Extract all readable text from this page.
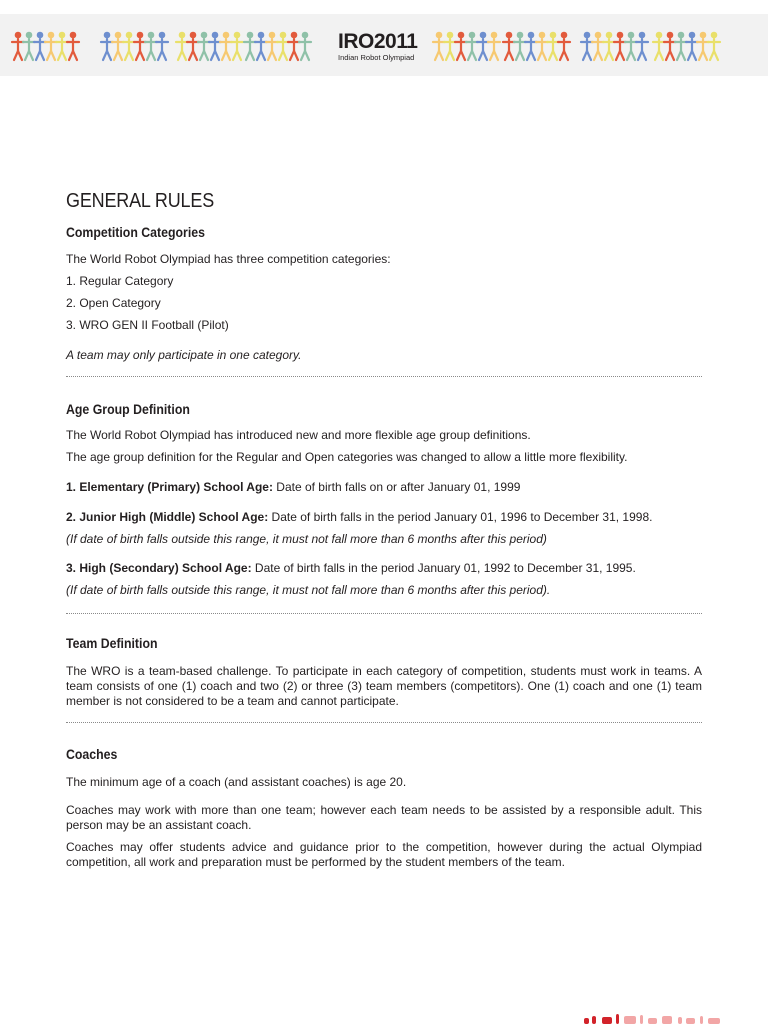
IRO2011
Indian Robot Olympiad
GENERAL RULES
Competition Categories

The World Robot Olympiad has three competition categories:

1. Regular Category

2. Open Category

3. WRO GEN II Football (Pilot)

A team may only participate in one category.

Age Group Definition

The World Robot Olympiad has introduced new and more flexible age group definitions.

The age group definition for the Regular and Open categories was changed to allow a little more flexibility.

1. Elementary (Primary) School Age: Date of birth falls on or after January 01, 1999

2. Junior High (Middle) School Age: Date of birth falls in the period January 01, 1996 to December 31, 1998.

(If date of birth falls outside this range, it must not fall more than 6 months after this period)

3. High (Secondary) School Age: Date of birth falls in the period January 01, 1992 to December 31, 1995.

(If date of birth falls outside this range, it must not fall more than 6 months after this period).

Team Definition

The WRO is a team-based challenge. To participate in each category of competition, students must work in teams. A team consists of one (1) coach and two (2) or three (3) team members (competitors). One (1) coach and one (1) team member is not considered to be a team and cannot participate.

Coaches

The minimum age of a coach (and assistant coaches) is age 20.

Coaches may work with more than one team; however each team needs to be assisted by a responsible adult. This person may be an assistant coach.

Coaches may offer students advice and guidance prior to the competition, however during the actual Olympiad competition, all work and preparation must be performed by the student members of the team.
